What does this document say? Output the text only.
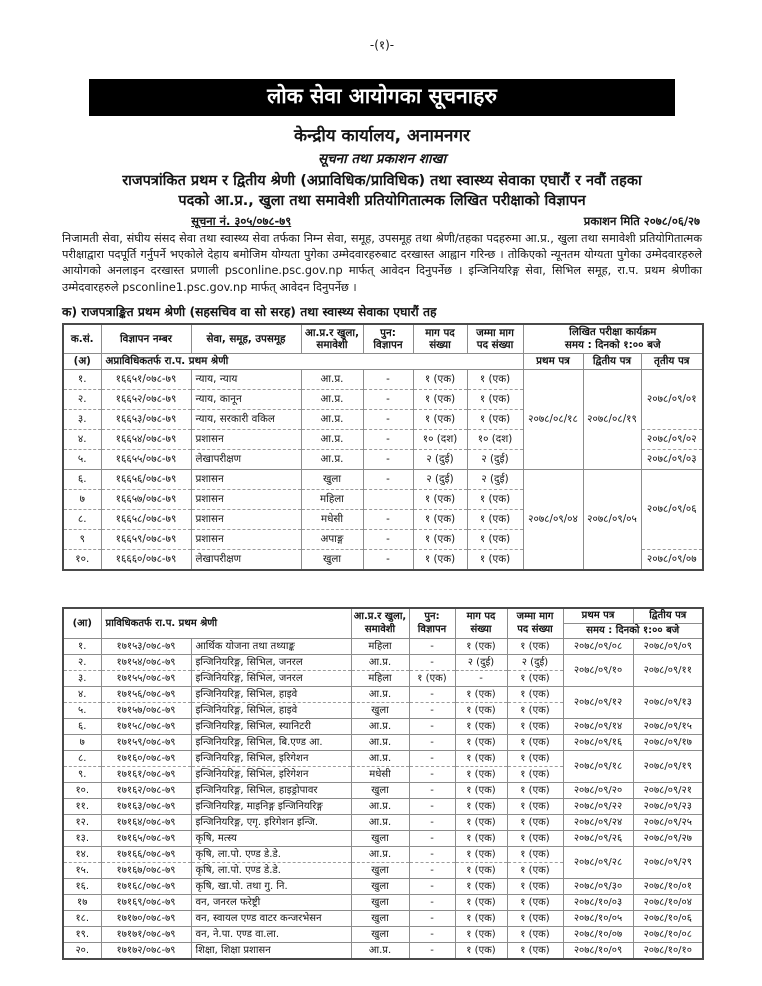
-(१)-
लोक सेवा आयोगका सूचनाहरु
केन्द्रीय कार्यालय, अनामनगर
सूचना तथा प्रकाशन शाखा
राजपत्रांकित प्रथम र द्वितीय श्रेणी (अप्राविधिक/प्राविधिक) तथा स्वास्थ्य सेवाका एघारौं र नवौं तहका
पदको आ.प्र., खुला तथा समावेशी प्रतियोगितात्मक लिखित परीक्षाको विज्ञापन
सूचना नं. ३०५/०७८-७९	प्रकाशन मिति २०७८/०६/२७
निजामती सेवा, संघीय संसद सेवा तथा स्वास्थ्य सेवा तर्फका निम्न सेवा, समूह, उपसमूह तथा श्रेणी/तहका पदहरुमा आ.प्र., खुला तथा समावेशी प्रतियोगितात्मक परीक्षाद्वारा पदपूर्ति गर्नुपर्ने भएकोले देहाय बमोजिम योग्यता पुगेका उम्मेदवारहरुबाट दरखास्त आह्वान गरिन्छ । तोकिएको न्यूनतम योग्यता पुगेका उम्मेदवारहरुले आयोगको अनलाइन दरखास्त प्रणाली psconline.psc.gov.np मार्फत् आवेदन दिनुपर्नेछ । इन्जिनियरिङ्ग सेवा, सिभिल समूह, रा.प. प्रथम श्रेणीका उम्मेदवारहरुले psconline1.psc.gov.np मार्फत् आवेदन दिनुपर्नेछ ।
क) राजपत्राङ्कित प्रथम श्रेणी (सहसचिव वा सो सरह) तथा स्वास्थ्य सेवाका एघारौं तह
क.सं.	विज्ञापन नम्बर	सेवा, समूह, उपसमूह	आ.प्र.र खुला, समावेशी	पुन: विज्ञापन	माग पद संख्या	जम्मा माग पद संख्या	लिखित परीक्षा कार्यक्रम
समय : दिनको १:०० बजे		

(अ)	अप्राविधिकतर्फ रा.प. प्रथम श्रेणी						प्रथम पत्र	द्वितीय पत्र	तृतीय पत्र
१.	१६६५१/०७८-७९	न्याय, न्याय	आ.प्र.	-	१ (एक)	१ (एक)	२०७८/०८/१८	२०७८/०८/१९	२०७८/०९/०१
२.	१६६५२/०७८-७९	न्याय, कानून	आ.प्र.	-	१ (एक)	१ (एक)			
३.	१६६५३/०७८-७९	न्याय, सरकारी वकिल	आ.प्र.	-	१ (एक)	१ (एक)			
४.	१६६५४/०७८-७९	प्रशासन	आ.प्र.	-	१० (दश)	१० (दश)			२०७८/०९/०२
५.	१६६५५/०७८-७९	लेखापरीक्षण	आ.प्र.	-	२ (दुई)	२ (दुई)			२०७८/०९/०३
६.	१६६५६/०७८-७९	प्रशासन	खुला	-	२ (दुई)	२ (दुई)	२०७८/०९/०४	२०७८/०९/०५	२०७८/०९/०६
७	१६६५७/०७८-७९	प्रशासन	महिला		१ (एक)	१ (एक)			
८.	१६६५८/०७८-७९	प्रशासन	मधेसी	-	१ (एक)	१ (एक)			
९	१६६५९/०७८-७९	प्रशासन	अपाङ्ग	-	१ (एक)	१ (एक)			
१०.	१६६६०/०७८-७९	लेखापरीक्षण	खुला	-	१ (एक)	१ (एक)			२०७८/०९/०७
(आ)	प्राविधिकतर्फ रा.प. प्रथम श्रेणी		आ.प्र.र खुला, समावेशी	पुन: विज्ञापन	माग पद संख्या	जम्मा माग पद संख्या	प्रथम पत्र	द्वितीय पत्र
							समय : दिनको १:०० बजे	
१.	१७१५३/०७८-७९	आर्थिक योजना तथा तथ्याङ्क	महिला	-	१ (एक)	१ (एक)	२०७८/०९/०८	२०७८/०९/०९
२.	१७१५४/०७८-७९	इन्जिनियरिङ्ग, सिभिल, जनरल	आ.प्र.	-	२ (दुई)	२ (दुई)	२०७८/०९/१०	२०७८/०९/११
३.	१७१५५/०७८-७९	इन्जिनियरिङ्ग, सिभिल, जनरल	महिला	१ (एक)	-	१ (एक)		
४.	१७१५६/०७८-७९	इन्जिनियरिङ्ग, सिभिल, हाइवे	आ.प्र.	-	१ (एक)	१ (एक)	२०७८/०९/१२	२०७८/०९/१३
५.	१७१५७/०७८-७९	इन्जिनियरिङ्ग, सिभिल, हाइवे	खुला	-	१ (एक)	१ (एक)		
६.	१७१५८/०७८-७९	इन्जिनियरिङ्ग, सिभिल, स्यानिटरी	आ.प्र.	-	१ (एक)	१ (एक)	२०७८/०९/१४	२०७८/०९/१५
७	१७१५९/०७८-७९	इन्जिनियरिङ्ग, सिभिल, बि.एण्ड आ.	आ.प्र.	-	१ (एक)	१ (एक)	२०७८/०९/१६	२०७८/०९/१७
८.	१७१६०/०७८-७९	इन्जिनियरिङ्ग, सिभिल, इरिगेशन	आ.प्र.	-	१ (एक)	१ (एक)	२०७८/०९/१८	२०७८/०९/१९
९.	१७१६१/०७८-७९	इन्जिनियरिङ्ग, सिभिल, इरिगेशन	मधेसी	-	१ (एक)	१ (एक)		
१०.	१७१६२/०७८-७९	इन्जिनियरिङ्ग, सिभिल, हाइड्रोपावर	खुला	-	१ (एक)	१ (एक)	२०७८/०९/२०	२०७८/०९/२१
११.	१७१६३/०७८-७९	इन्जिनियरिङ्ग, माइनिङ्ग इन्जिनियरिङ्ग	आ.प्र.	-	१ (एक)	१ (एक)	२०७८/०९/२२	२०७८/०९/२३
१२.	१७१६४/०७८-७९	इन्जिनियरिङ्ग, एगृ. इरिगेशन इन्जि.	आ.प्र.	-	१ (एक)	१ (एक)	२०७८/०९/२४	२०७८/०९/२५
१३.	१७१६५/०७८-७९	कृषि, मत्स्य	खुला	-	१ (एक)	१ (एक)	२०७८/०९/२६	२०७८/०९/२७
१४.	१७१६६/०७८-७९	कृषि, ला.पो. एण्ड डे.डे.	आ.प्र.	-	१ (एक)	१ (एक)	२०७८/०९/२८	२०७८/०९/२९
१५.	१७१६७/०७८-७९	कृषि, ला.पो. एण्ड डे.डे.	खुला	-	१ (एक)	१ (एक)		
१६.	१७१६८/०७८-७९	कृषि, खा.पो. तथा गु. नि.	खुला	-	१ (एक)	१ (एक)	२०७८/०९/३०	२०७८/१०/०१
१७	१७१६९/०७८-७९	वन, जनरल फरेष्ट्री	खुला	-	१ (एक)	१ (एक)	२०७८/१०/०३	२०७८/१०/०४
१८.	१७१७०/०७८-७९	वन, स्वायल एण्ड वाटर कन्जरभेसन	खुला	-	१ (एक)	१ (एक)	२०७८/१०/०५	२०७८/१०/०६
१९.	१७१७१/०७८-७९	वन, ने.पा. एण्ड वा.ला.	खुला	-	१ (एक)	१ (एक)	२०७८/१०/०७	२०७८/१०/०८
२०.	१७१७२/०७८-७९	शिक्षा, शिक्षा प्रशासन	आ.प्र.	-	१ (एक)	१ (एक)	२०७८/१०/०९	२०७८/१०/१०
